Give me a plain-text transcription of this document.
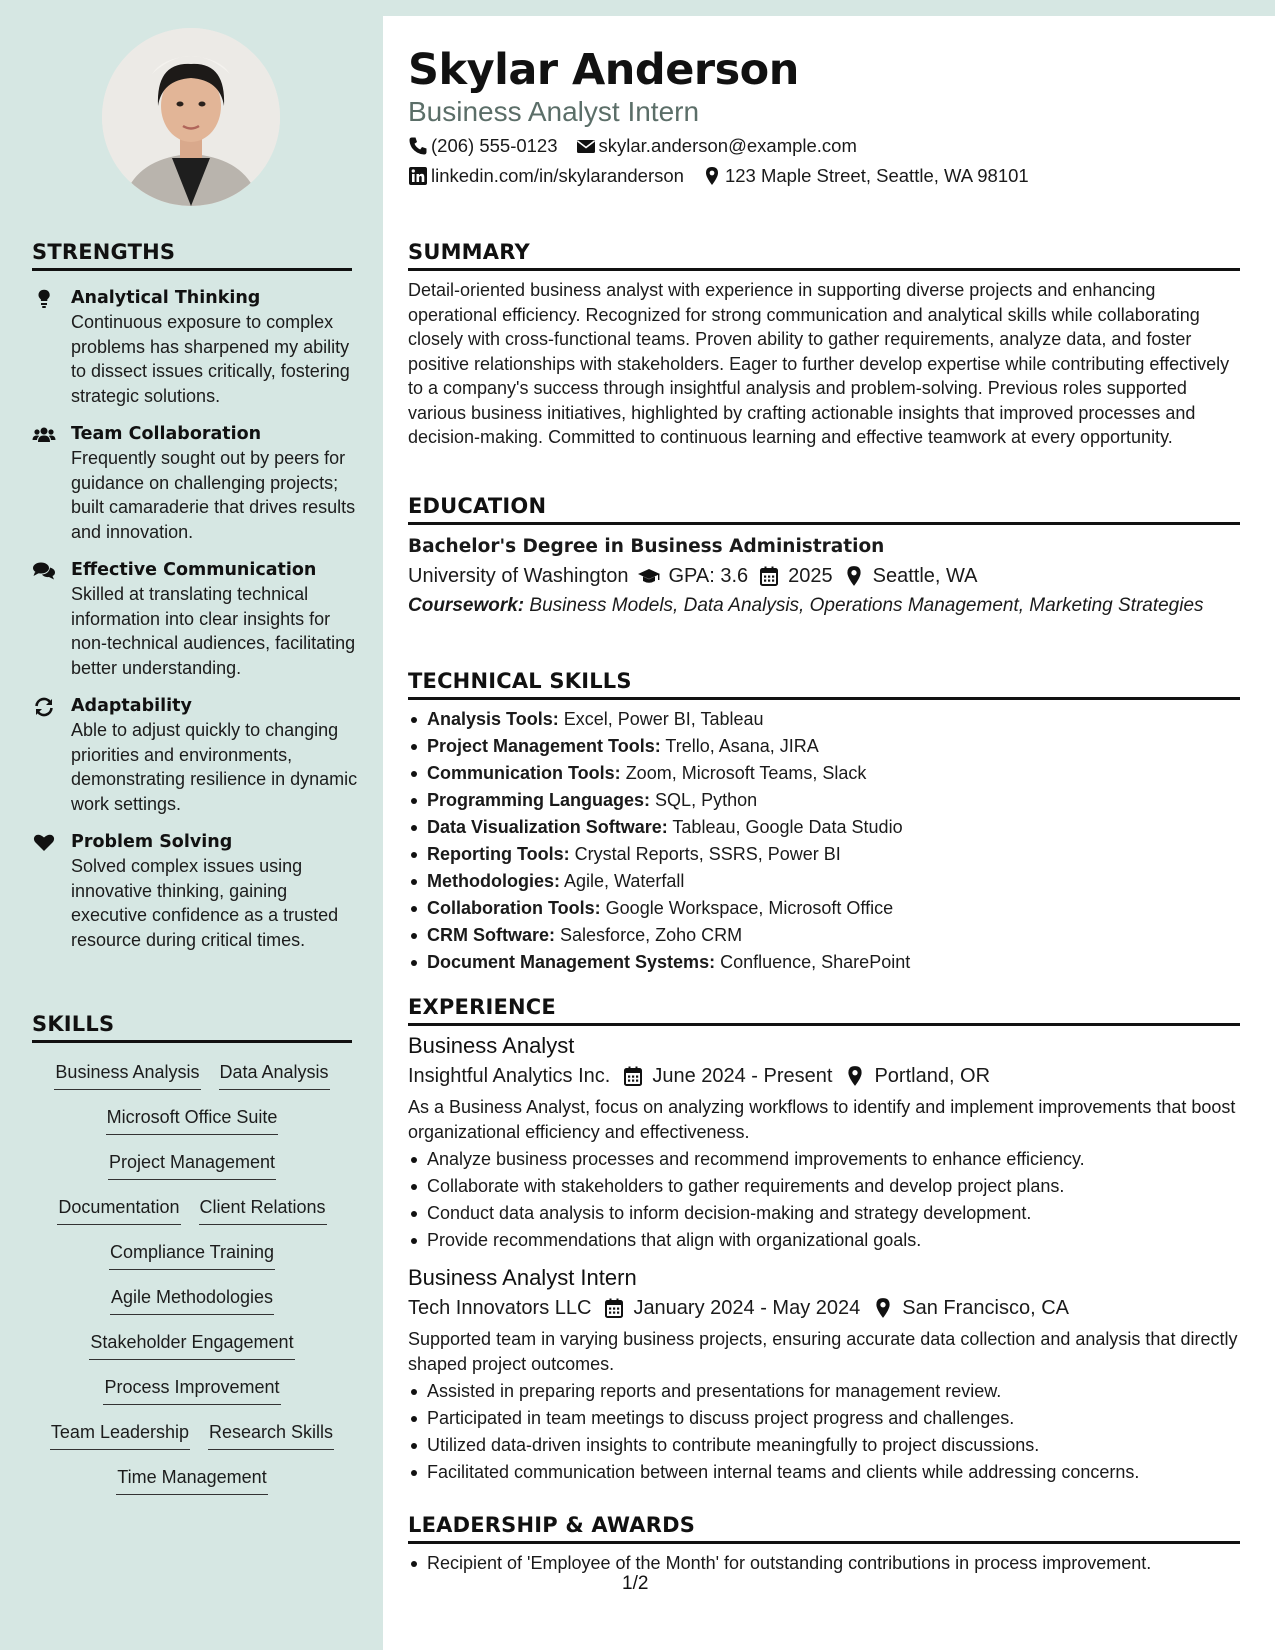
STRENGTHS
Analytical Thinking
Continuous exposure to complex problems has sharpened my ability to dissect issues critically, fostering strategic solutions.
Team Collaboration
Frequently sought out by peers for guidance on challenging projects; built camaraderie that drives results and innovation.
Effective Communication
Skilled at translating technical information into clear insights for non-technical audiences, facilitating better understanding.
Adaptability
Able to adjust quickly to changing priorities and environments, demonstrating resilience in dynamic work settings.
Problem Solving
Solved complex issues using innovative thinking, gaining executive confidence as a trusted resource during critical times.
SKILLS
Business Analysis Data Analysis
Microsoft Office Suite
Project Management
Documentation Client Relations
Compliance Training
Agile Methodologies
Stakeholder Engagement
Process Improvement
Team Leadership Research Skills
Time Management
Skylar Anderson
Business Analyst Intern
(206) 555-0123 skylar.anderson@example.com
linkedin.com/in/skylaranderson 123 Maple Street, Seattle, WA 98101
SUMMARY

Detail-oriented business analyst with experience in supporting diverse projects and enhancing operational efficiency. Recognized for strong communication and analytical skills while collaborating closely with cross-functional teams. Proven ability to gather requirements, analyze data, and foster positive relationships with stakeholders. Eager to further develop expertise while contributing effectively to a company's success through insightful analysis and problem-solving. Previous roles supported various business initiatives, highlighted by crafting actionable insights that improved processes and decision-making. Committed to continuous learning and effective teamwork at every opportunity.

EDUCATION
Bachelor's Degree in Business Administration
University of Washington GPA: 3.6 2025 Seattle, WA
Coursework: Business Models, Data Analysis, Operations Management, Marketing Strategies
TECHNICAL SKILLS
Analysis Tools: Excel, Power BI, Tableau
Project Management Tools: Trello, Asana, JIRA
Communication Tools: Zoom, Microsoft Teams, Slack
Programming Languages: SQL, Python
Data Visualization Software: Tableau, Google Data Studio
Reporting Tools: Crystal Reports, SSRS, Power BI
Methodologies: Agile, Waterfall
Collaboration Tools: Google Workspace, Microsoft Office
CRM Software: Salesforce, Zoho CRM
Document Management Systems: Confluence, SharePoint
EXPERIENCE
Business Analyst
Insightful Analytics Inc. June 2024 - Present Portland, OR

As a Business Analyst, focus on analyzing workflows to identify and implement improvements that boost organizational efficiency and effectiveness.

Analyze business processes and recommend improvements to enhance efficiency.
Collaborate with stakeholders to gather requirements and develop project plans.
Conduct data analysis to inform decision-making and strategy development.
Provide recommendations that align with organizational goals.
Business Analyst Intern
Tech Innovators LLC January 2024 - May 2024 San Francisco, CA

Supported team in varying business projects, ensuring accurate data collection and analysis that directly shaped project outcomes.

Assisted in preparing reports and presentations for management review.
Participated in team meetings to discuss project progress and challenges.
Utilized data-driven insights to contribute meaningfully to project discussions.
Facilitated communication between internal teams and clients while addressing concerns.
LEADERSHIP & AWARDS
Recipient of 'Employee of the Month' for outstanding contributions in process improvement.
1/2
